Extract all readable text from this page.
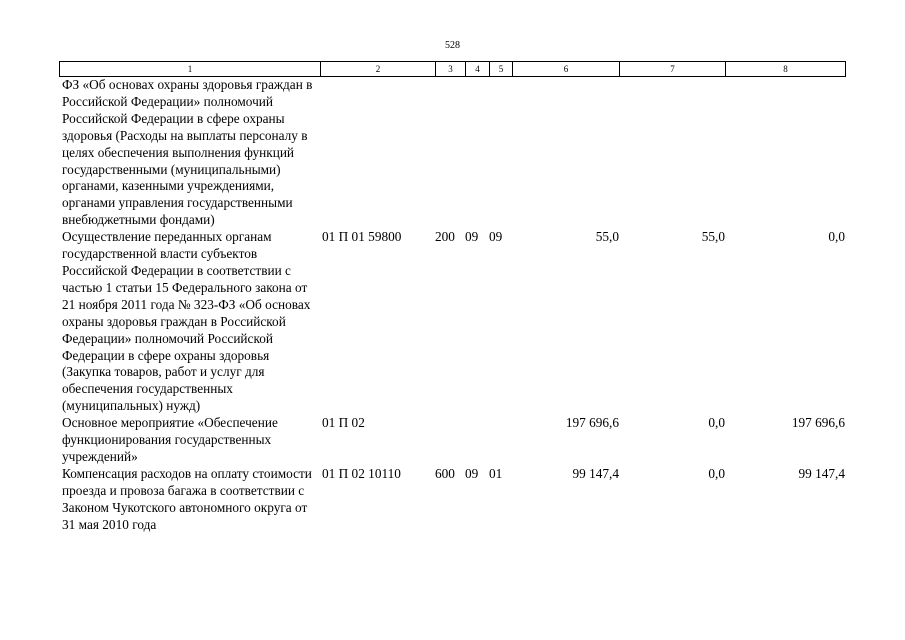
528
1	2	3	4	5	6	7	8
ФЗ «Об основах охраны здоровья граждан в Российской Федерации» полномочий Российской Федерации в сфере охраны здоровья (Расходы на выплаты персоналу в целях обеспечения выполнения функций государственными (муниципальными) органами, казенными учреждениями, органами управления государственными внебюджетными фондами)							
Осуществление переданных органам государственной власти субъектов Российской Федерации в соответствии с частью 1 статьи 15 Федерального закона от 21 ноября 2011 года № 323-ФЗ «Об основах охраны здоровья граждан в Российской Федерации» полномочий Российской Федерации в сфере охраны здоровья (Закупка товаров, работ и услуг для обеспечения государственных (муниципальных) нужд)	01 П 01 59800	200	09	09	55,0	55,0	0,0
Основное мероприятие «Обеспечение функционирования государственных учреждений»	01 П 02				197 696,6	0,0	197 696,6
Компенсация расходов на оплату стоимости проезда и провоза багажа в соответствии с Законом Чукотского автономного округа от 31 мая 2010 года	01 П 02 10110	600	09	01	99 147,4	0,0	99 147,4
